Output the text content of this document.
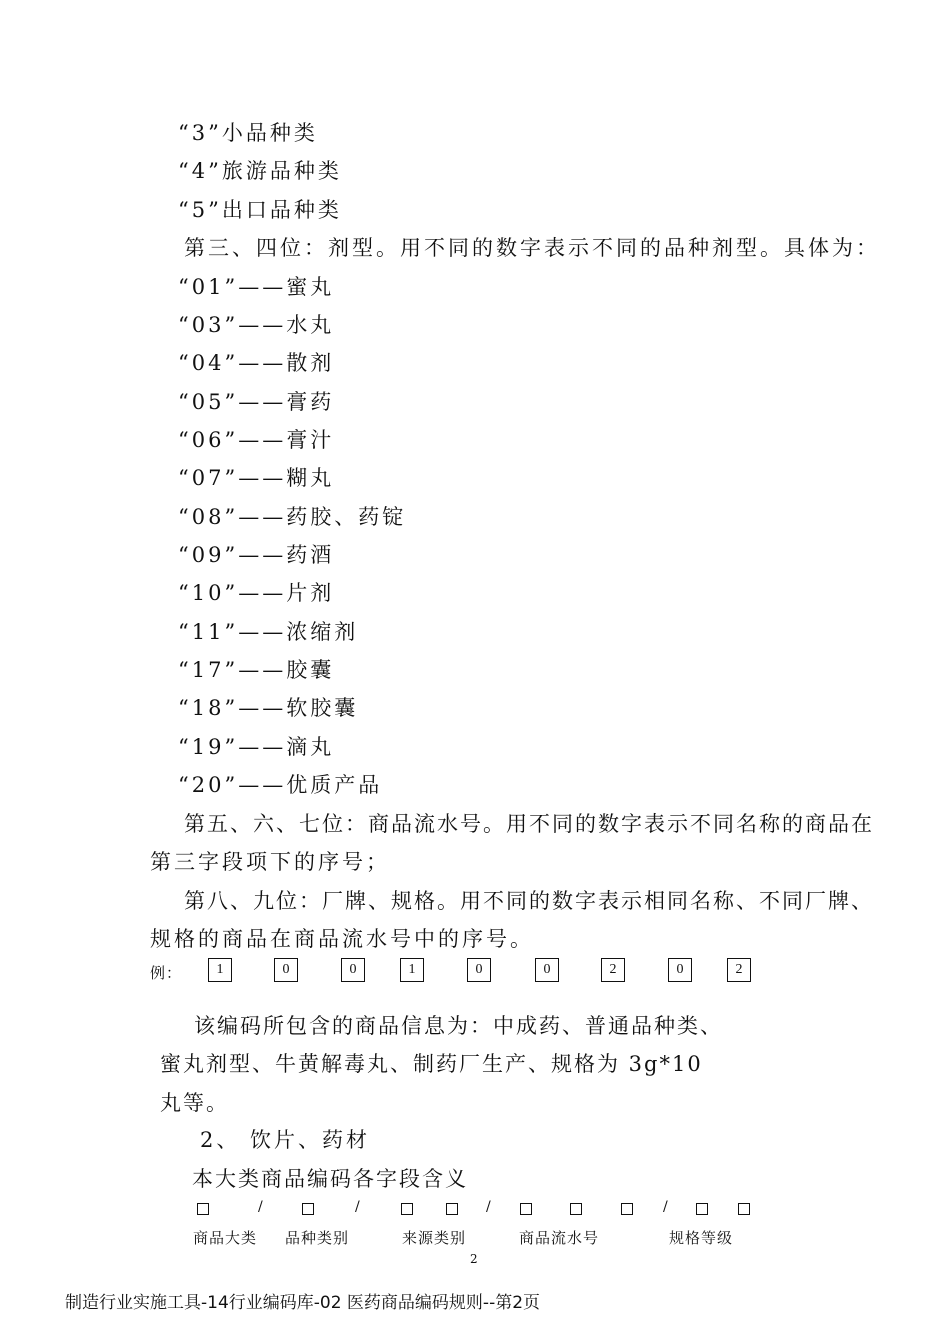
“3”小品种类
“4”旅游品种类
“5”出口品种类
第三、四位：剂型。用不同的数字表示不同的品种剂型。具体为：
“01”——蜜丸
“03”——水丸
“04”——散剂
“05”——膏药
“06”——膏汁
“07”——糊丸
“08”——药胶、药锭
“09”——药酒
“10”——片剂
“11”——浓缩剂
“17”——胶囊
“18”——软胶囊
“19”——滴丸
“20”——优质产品
第五、六、七位：商品流水号。用不同的数字表示不同名称的商品在
第三字段项下的序号；
第八、九位：厂牌、规格。用不同的数字表示相同名称、不同厂牌、
规格的商品在商品流水号中的序号。
例：	1	0	0	1	0	0	2	0	2
该编码所包含的商品信息为：中成药、普通品种类、
蜜丸剂型、牛黄解毒丸、制药厂生产、规格为 3g*10
丸等。
2、 饮片、药材
本大类商品编码各字段含义
/	/	/	/
商品大类 品种类别	来源类别	商品流水号	规格等级
2
制造行业实施工具-14行业编码库-02 医药商品编码规则--第2页
